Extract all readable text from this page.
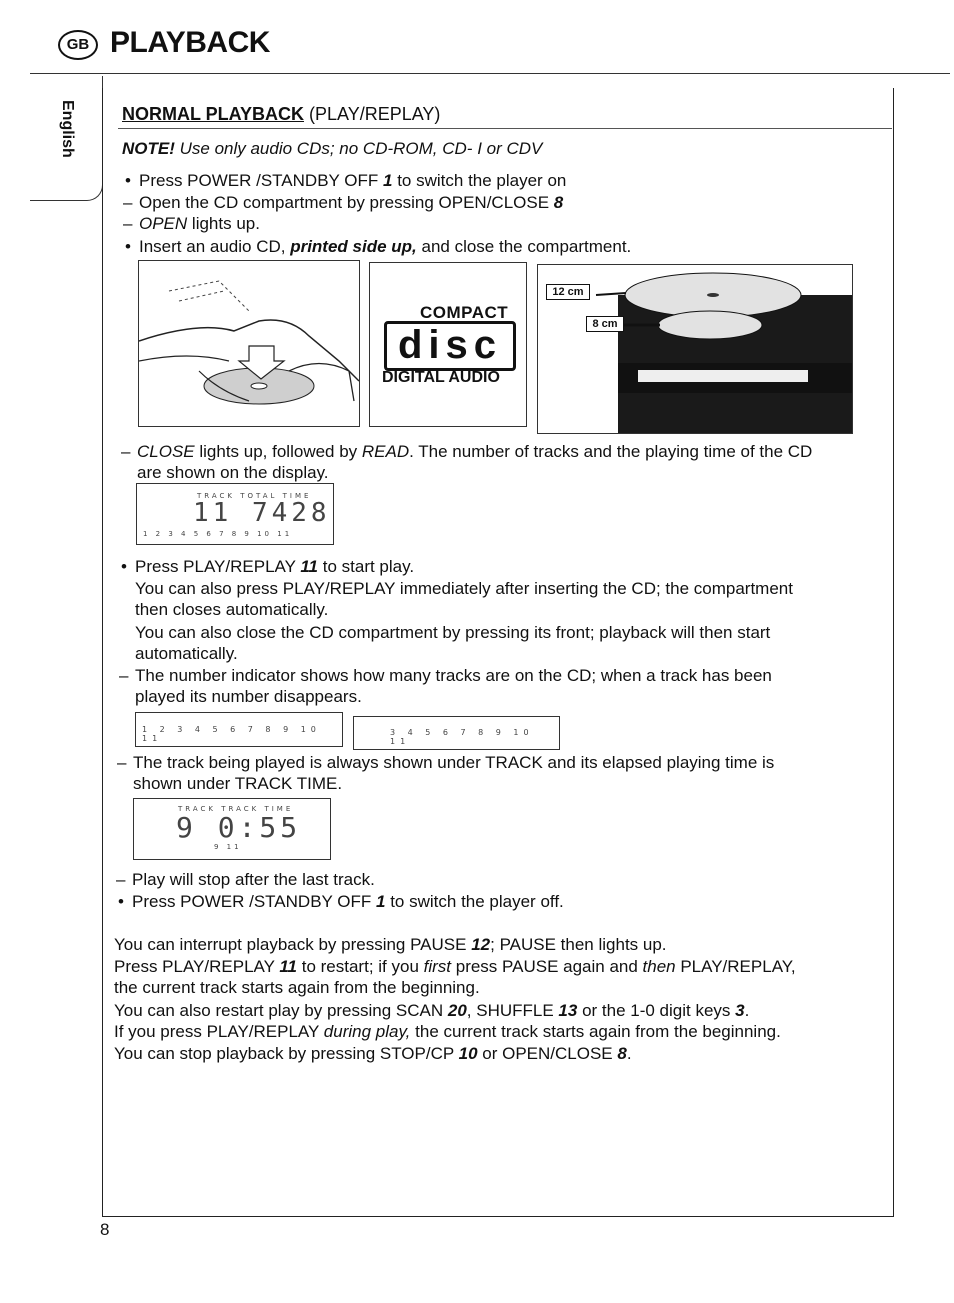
GB PLAYBACK
English	NORMAL PLAYBACK (PLAY/REPLAY)
NOTE! Use only audio CDs; no CD-ROM, CD- I or CDV
• Press POWER /STANDBY OFF 1 to switch the player on
– Open the CD compartment by pressing OPEN/CLOSE 8
– OPEN lights up.
• Insert an audio CD, printed side up, and close the compartment.
COMPACT
disc
DIGITAL AUDIO
12 cm
8 cm
– CLOSE lights up, followed by READ. The number of tracks and the playing time of the CD
are shown on the display.
TRACK TOTAL TIME
11 7428
1 2 3 4 5 6 7 8 9 10 11
• Press PLAY/REPLAY 11 to start play.
You can also press PLAY/REPLAY immediately after inserting the CD; the compartment
then closes automatically.
You can also close the CD compartment by pressing its front; playback will then start
automatically.
– The number indicator shows how many tracks are on the CD; when a track has been
played its number disappears.
1 2 3 4 5 6 7 8 9 10 11
3 4 5 6 7 8 9 10 11
– The track being played is always shown under TRACK and its elapsed playing time is
shown under TRACK TIME.
TRACK TRACK TIME
9 0:55
9 11
– Play will stop after the last track.
• Press POWER /STANDBY OFF 1 to switch the player off.
You can interrupt playback by pressing PAUSE 12; PAUSE then lights up.
Press PLAY/REPLAY 11 to restart; if you first press PAUSE again and then PLAY/REPLAY,
the current track starts again from the beginning.
You can also restart play by pressing SCAN 20, SHUFFLE 13 or the 1-0 digit keys 3.
If you press PLAY/REPLAY during play, the current track starts again from the beginning.
You can stop playback by pressing STOP/CP 10 or OPEN/CLOSE 8.
8
